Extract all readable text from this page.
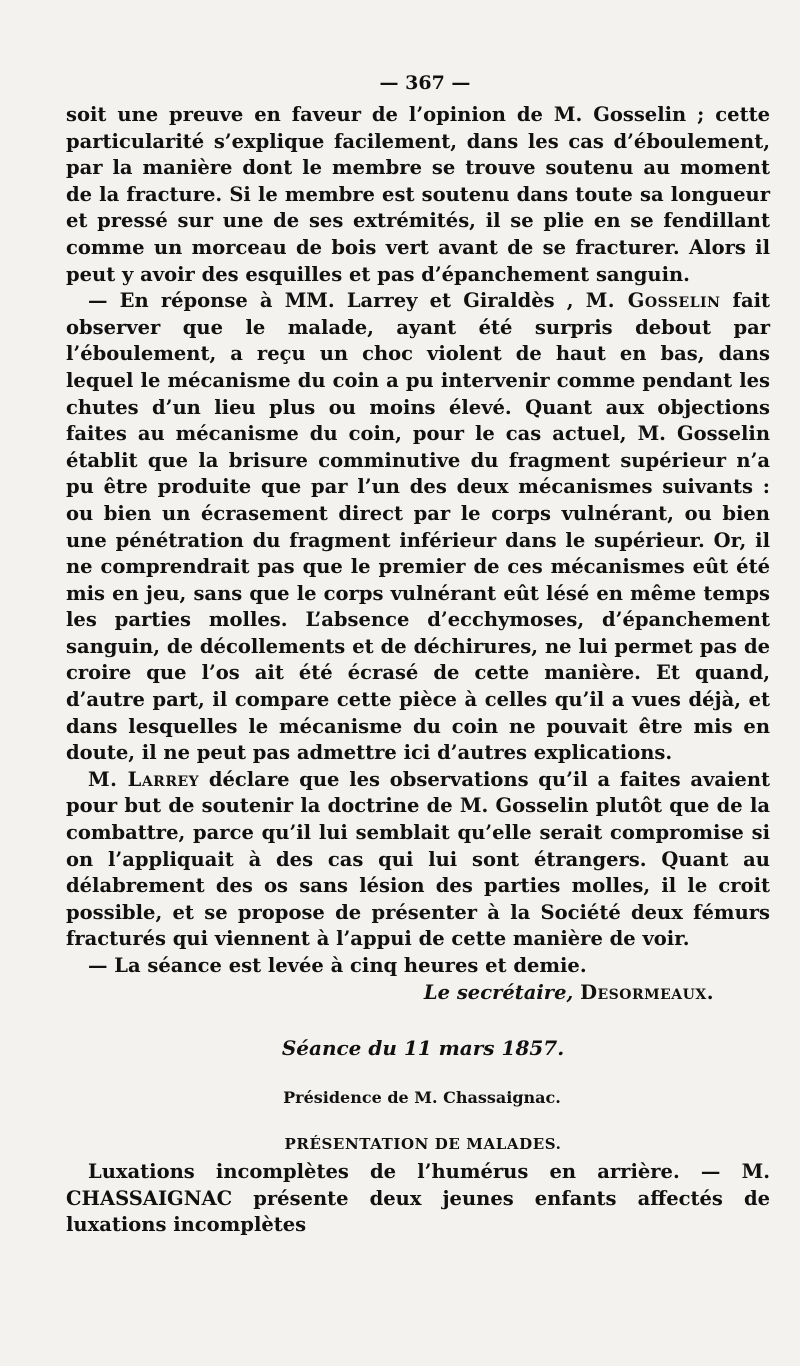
— 367 —

soit une preuve en faveur de l’opinion de M. Gosselin ; cette particularité s’explique facilement, dans les cas d’éboulement, par la manière dont le membre se trouve soutenu au moment de la fracture. Si le membre est soutenu dans toute sa longueur et pressé sur une de ses extrémités, il se plie en se fendillant comme un morceau de bois vert avant de se fracturer. Alors il peut y avoir des esquilles et pas d’épanchement sanguin.

— En réponse à MM. Larrey et Giraldès , M. Gosselin fait observer que le malade, ayant été surpris debout par l’éboulement, a reçu un choc violent de haut en bas, dans lequel le mécanisme du coin a pu intervenir comme pendant les chutes d’un lieu plus ou moins élevé. Quant aux objections faites au mécanisme du coin, pour le cas actuel, M. Gosselin établit que la brisure comminutive du fragment supérieur n’a pu être produite que par l’un des deux mécanismes suivants : ou bien un écrasement direct par le corps vulnérant, ou bien une pénétration du fragment inférieur dans le supérieur. Or, il ne comprendrait pas que le premier de ces mécanismes eût été mis en jeu, sans que le corps vulnérant eût lésé en même temps les parties molles. L’absence d’ecchymoses, d’épanchement sanguin, de décollements et de déchirures, ne lui permet pas de croire que l’os ait été écrasé de cette manière. Et quand, d’autre part, il compare cette pièce à celles qu’il a vues déjà, et dans lesquelles le mécanisme du coin ne pouvait être mis en doute, il ne peut pas admettre ici d’autres explications.

M. Larrey déclare que les observations qu’il a faites avaient pour but de soutenir la doctrine de M. Gosselin plutôt que de la combattre, parce qu’il lui semblait qu’elle serait compromise si on l’appliquait à des cas qui lui sont étrangers. Quant au délabrement des os sans lésion des parties molles, il le croit possible, et se propose de présenter à la Société deux fémurs fracturés qui viennent à l’appui de cette manière de voir.

— La séance est levée à cinq heures et demie.

Le secrétaire, Desormeaux.
Séance du 11 mars 1857.
Présidence de M. Chassaignac.
PRÉSENTATION DE MALADES.

Luxations incomplètes de l’humérus en arrière. — M. CHASSAIGNAC présente deux jeunes enfants affectés de luxations incomplètes
